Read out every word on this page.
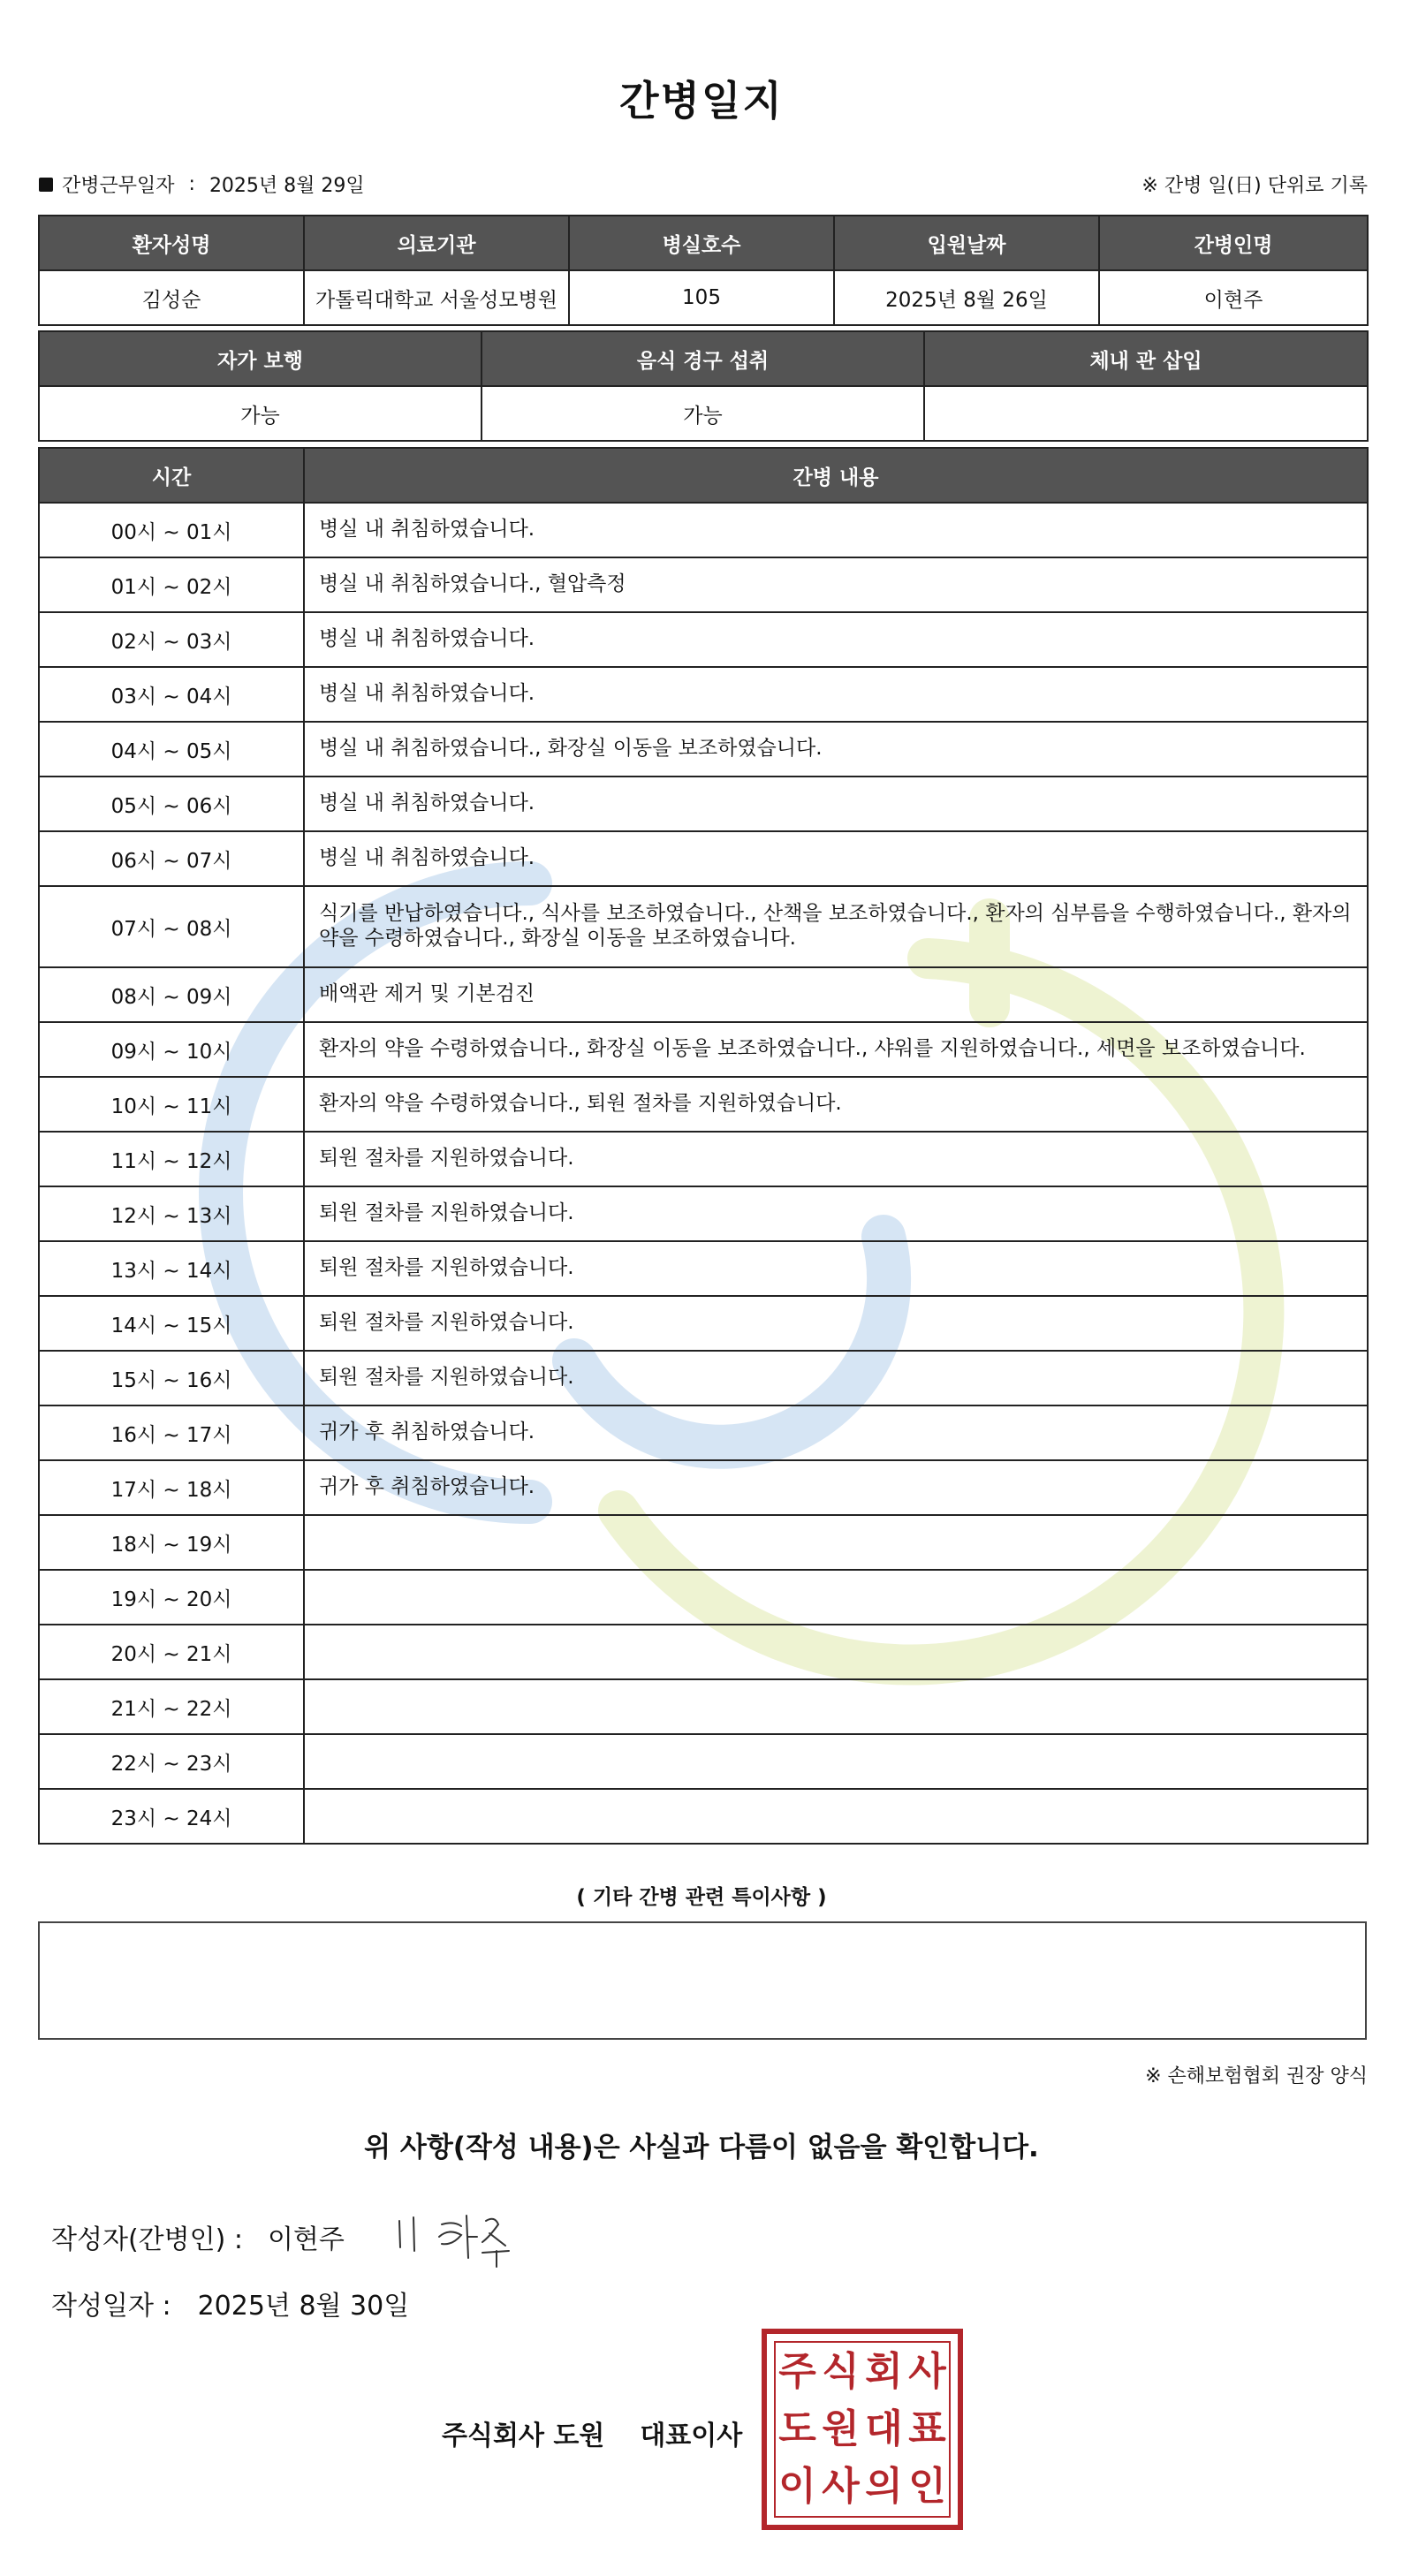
간병일지
간병근무일자 : 2025년 8월 29일	※ 간병 일(日) 단위로 기록
환자성명	의료기관	병실호수	입원날짜	간병인명
김성순	가톨릭대학교 서울성모병원	105	2025년 8월 26일	이현주
자가 보행	음식 경구 섭취	체내 관 삽입
가능	가능	
시간	간병 내용
00시 ~ 01시	병실 내 취침하였습니다.
01시 ~ 02시	병실 내 취침하였습니다., 혈압측정
02시 ~ 03시	병실 내 취침하였습니다.
03시 ~ 04시	병실 내 취침하였습니다.
04시 ~ 05시	병실 내 취침하였습니다., 화장실 이동을 보조하였습니다.
05시 ~ 06시	병실 내 취침하였습니다.
06시 ~ 07시	병실 내 취침하였습니다.
07시 ~ 08시	식기를 반납하였습니다., 식사를 보조하였습니다., 산책을 보조하였습니다., 환자의 심부름을 수행하였습니다., 환자의 약을 수령하였습니다., 화장실 이동을 보조하였습니다.
08시 ~ 09시	배액관 제거 및 기본검진
09시 ~ 10시	환자의 약을 수령하였습니다., 화장실 이동을 보조하였습니다., 샤워를 지원하였습니다., 세면을 보조하였습니다.
10시 ~ 11시	환자의 약을 수령하였습니다., 퇴원 절차를 지원하였습니다.
11시 ~ 12시	퇴원 절차를 지원하였습니다.
12시 ~ 13시	퇴원 절차를 지원하였습니다.
13시 ~ 14시	퇴원 절차를 지원하였습니다.
14시 ~ 15시	퇴원 절차를 지원하였습니다.
15시 ~ 16시	퇴원 절차를 지원하였습니다.
16시 ~ 17시	귀가 후 취침하였습니다.
17시 ~ 18시	귀가 후 취침하였습니다.
18시 ~ 19시	
19시 ~ 20시	
20시 ~ 21시	
21시 ~ 22시	
22시 ~ 23시	
23시 ~ 24시	
( 기타 간병 관련 특이사항 )
※ 손해보험협회 권장 양식
위 사항(작성 내용)은 사실과 다름이 없음을 확인합니다.
작성자(간병인) : 이현주
작성일자 : 2025년 8월 30일
주식회사 도원 대표이사
주 식 회 사
도 원 대 표
이 사 의 인
